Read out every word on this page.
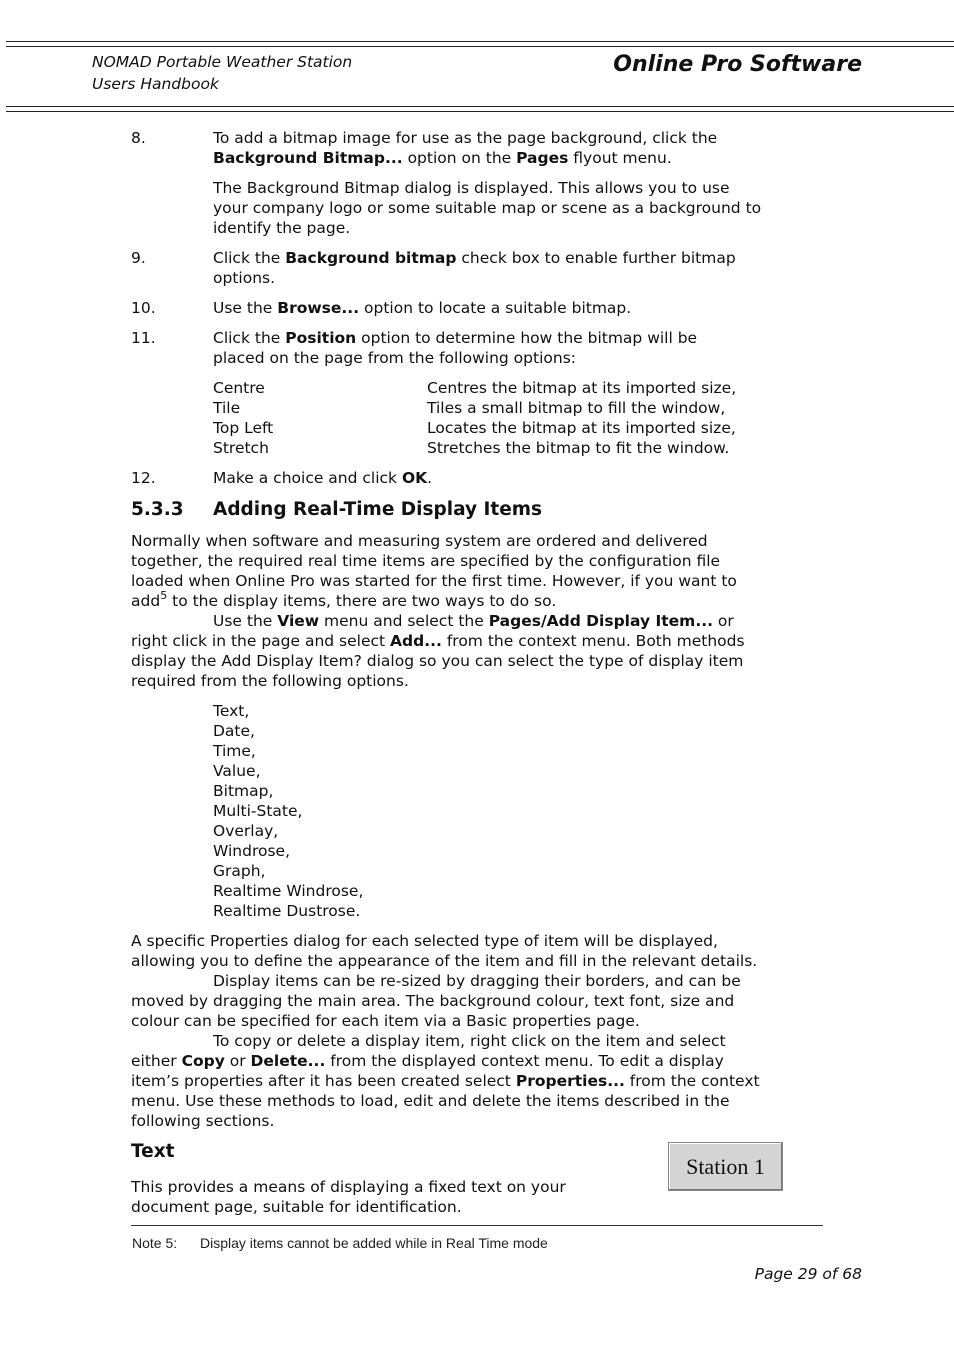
NOMAD Portable Weather Station
Users Handbook
Online Pro Software
8.	To add a bitmap image for use as the page background, click the
Background Bitmap... option on the Pages flyout menu.
The Background Bitmap dialog is displayed. This allows you to use
your company logo or some suitable map or scene as a background to
identify the page.
9.	Click the Background bitmap check box to enable further bitmap
options.
10.	Use the Browse... option to locate a suitable bitmap.
11.	Click the Position option to determine how the bitmap will be
placed on the page from the following options:
Centre	Centres the bitmap at its imported size,
Tile	Tiles a small bitmap to fill the window,
Top Left	Locates the bitmap at its imported size,
Stretch	Stretches the bitmap to fit the window.
12.	Make a choice and click OK.
5.3.3 Adding Real-Time Display Items
Normally when software and measuring system are ordered and delivered
together, the required real time items are specified by the configuration file
loaded when Online Pro was started for the first time. However, if you want to
add$^5$ to the display items, there are two ways to do so.
Use the View menu and select the Pages/Add Display Item... or
right click in the page and select Add... from the context menu. Both methods
display the Add Display Item? dialog so you can select the type of display item
required from the following options.
Text,
Date,
Time,
Value,
Bitmap,
Multi-State,
Overlay,
Windrose,
Graph,
Realtime Windrose,
Realtime Dustrose.
A specific Properties dialog for each selected type of item will be displayed,
allowing you to define the appearance of the item and fill in the relevant details.
Display items can be re-sized by dragging their borders, and can be
moved by dragging the main area. The background colour, text font, size and
colour can be specified for each item via a Basic properties page.
To copy or delete a display item, right click on the item and select
either Copy or Delete... from the displayed context menu. To edit a display
item’s properties after it has been created select Properties... from the context
menu. Use these methods to load, edit and delete the items described in the
following sections.
Text
Station 1
This provides a means of displaying a fixed text on your
document page, suitable for identification.
Note 5: Display items cannot be added while in Real Time mode
Page 29 of 68
